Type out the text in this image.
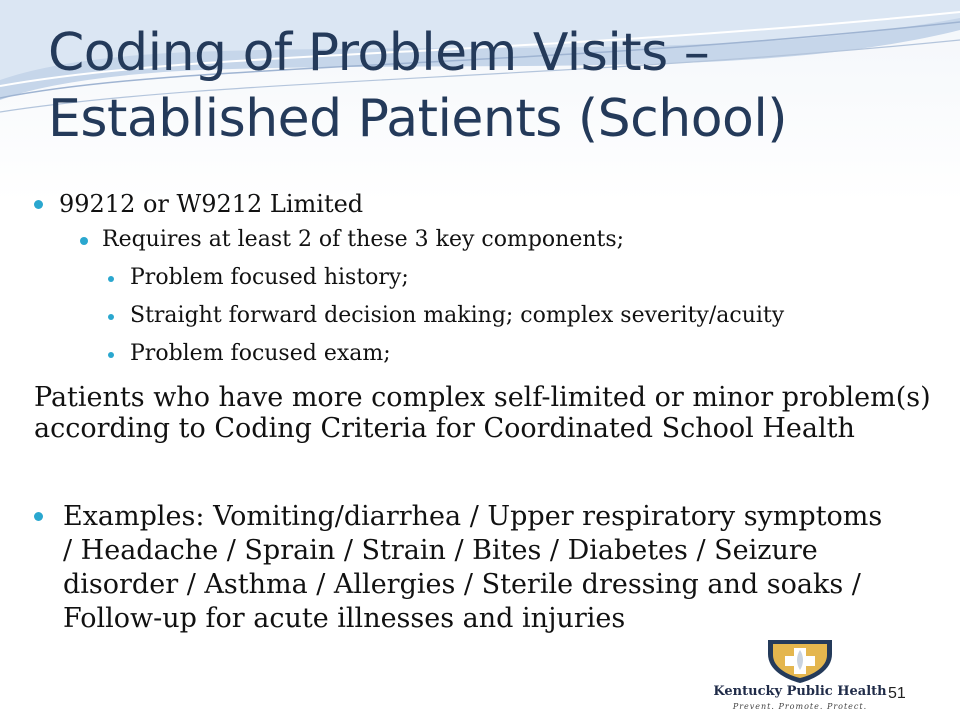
Coding of Problem Visits – Established Patients (School)
99212 or W9212 Limited
Requires at least 2 of these 3 key components;
Problem focused history;
Straight forward decision making; complex severity/acuity
Problem focused exam;
Patients who have more complex self-limited or minor problem(s) according to Coding Criteria for Coordinated School Health
Examples: Vomiting/diarrhea / Upper respiratory symptoms / Headache / Sprain / Strain / Bites / Diabetes / Seizure disorder / Asthma / Allergies / Sterile dressing and soaks / Follow-up for acute illnesses and injuries
Kentucky Public Health
Prevent. Promote. Protect.
51
